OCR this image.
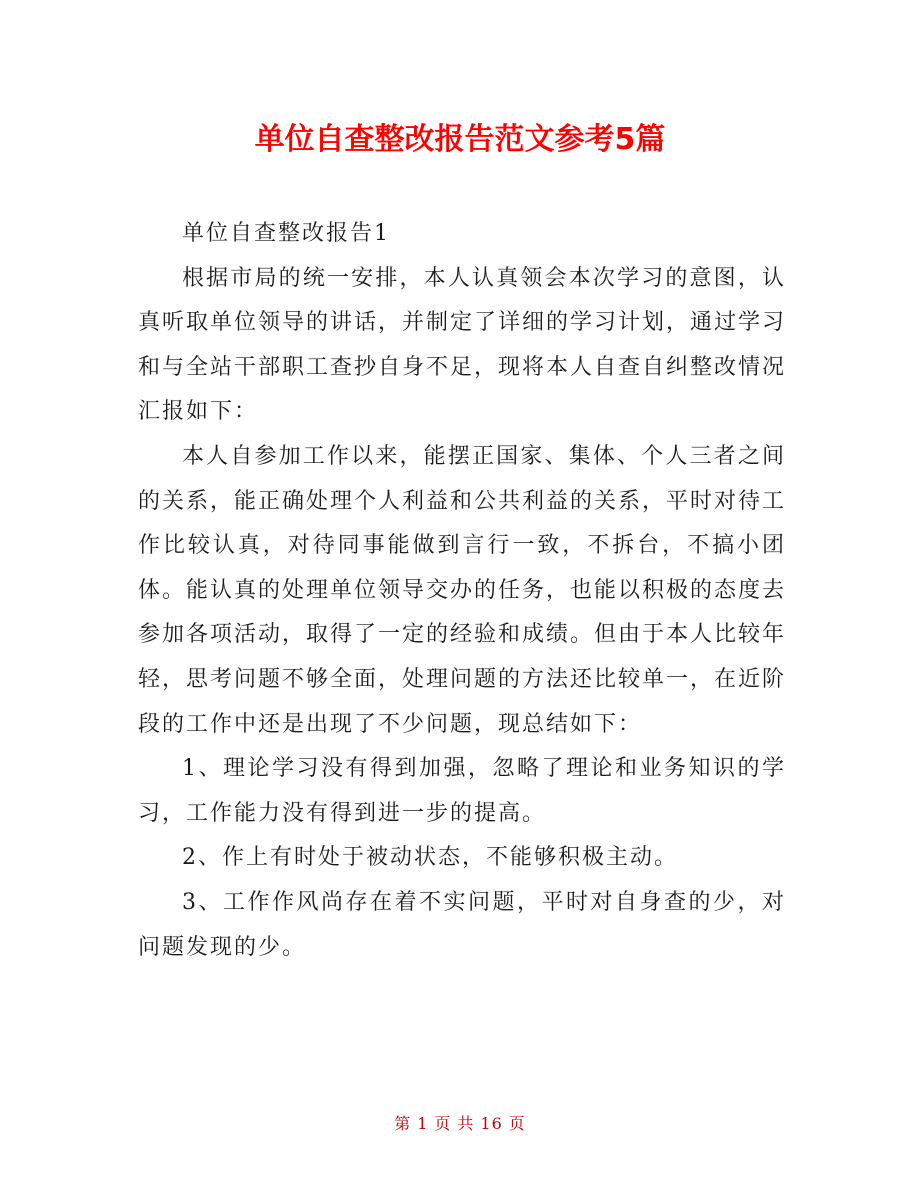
单位自查整改报告范文参考5篇

单位自查整改报告1

根据市局的统一安排，本人认真领会本次学习的意图，认真听取单位领导的讲话，并制定了详细的学习计划，通过学习和与全站干部职工查抄自身不足，现将本人自查自纠整改情况汇报如下：

本人自参加工作以来，能摆正国家、集体、个人三者之间的关系，能正确处理个人利益和公共利益的关系，平时对待工作比较认真，对待同事能做到言行一致，不拆台，不搞小团体。能认真的处理单位领导交办的任务，也能以积极的态度去参加各项活动，取得了一定的经验和成绩。但由于本人比较年轻，思考问题不够全面，处理问题的方法还比较单一，在近阶段的工作中还是出现了不少问题，现总结如下：

1、理论学习没有得到加强，忽略了理论和业务知识的学习，工作能力没有得到进一步的提高。

2、作上有时处于被动状态，不能够积极主动。

3、工作作风尚存在着不实问题，平时对自身查的少，对问题发现的少。

第 1 页 共 16 页
